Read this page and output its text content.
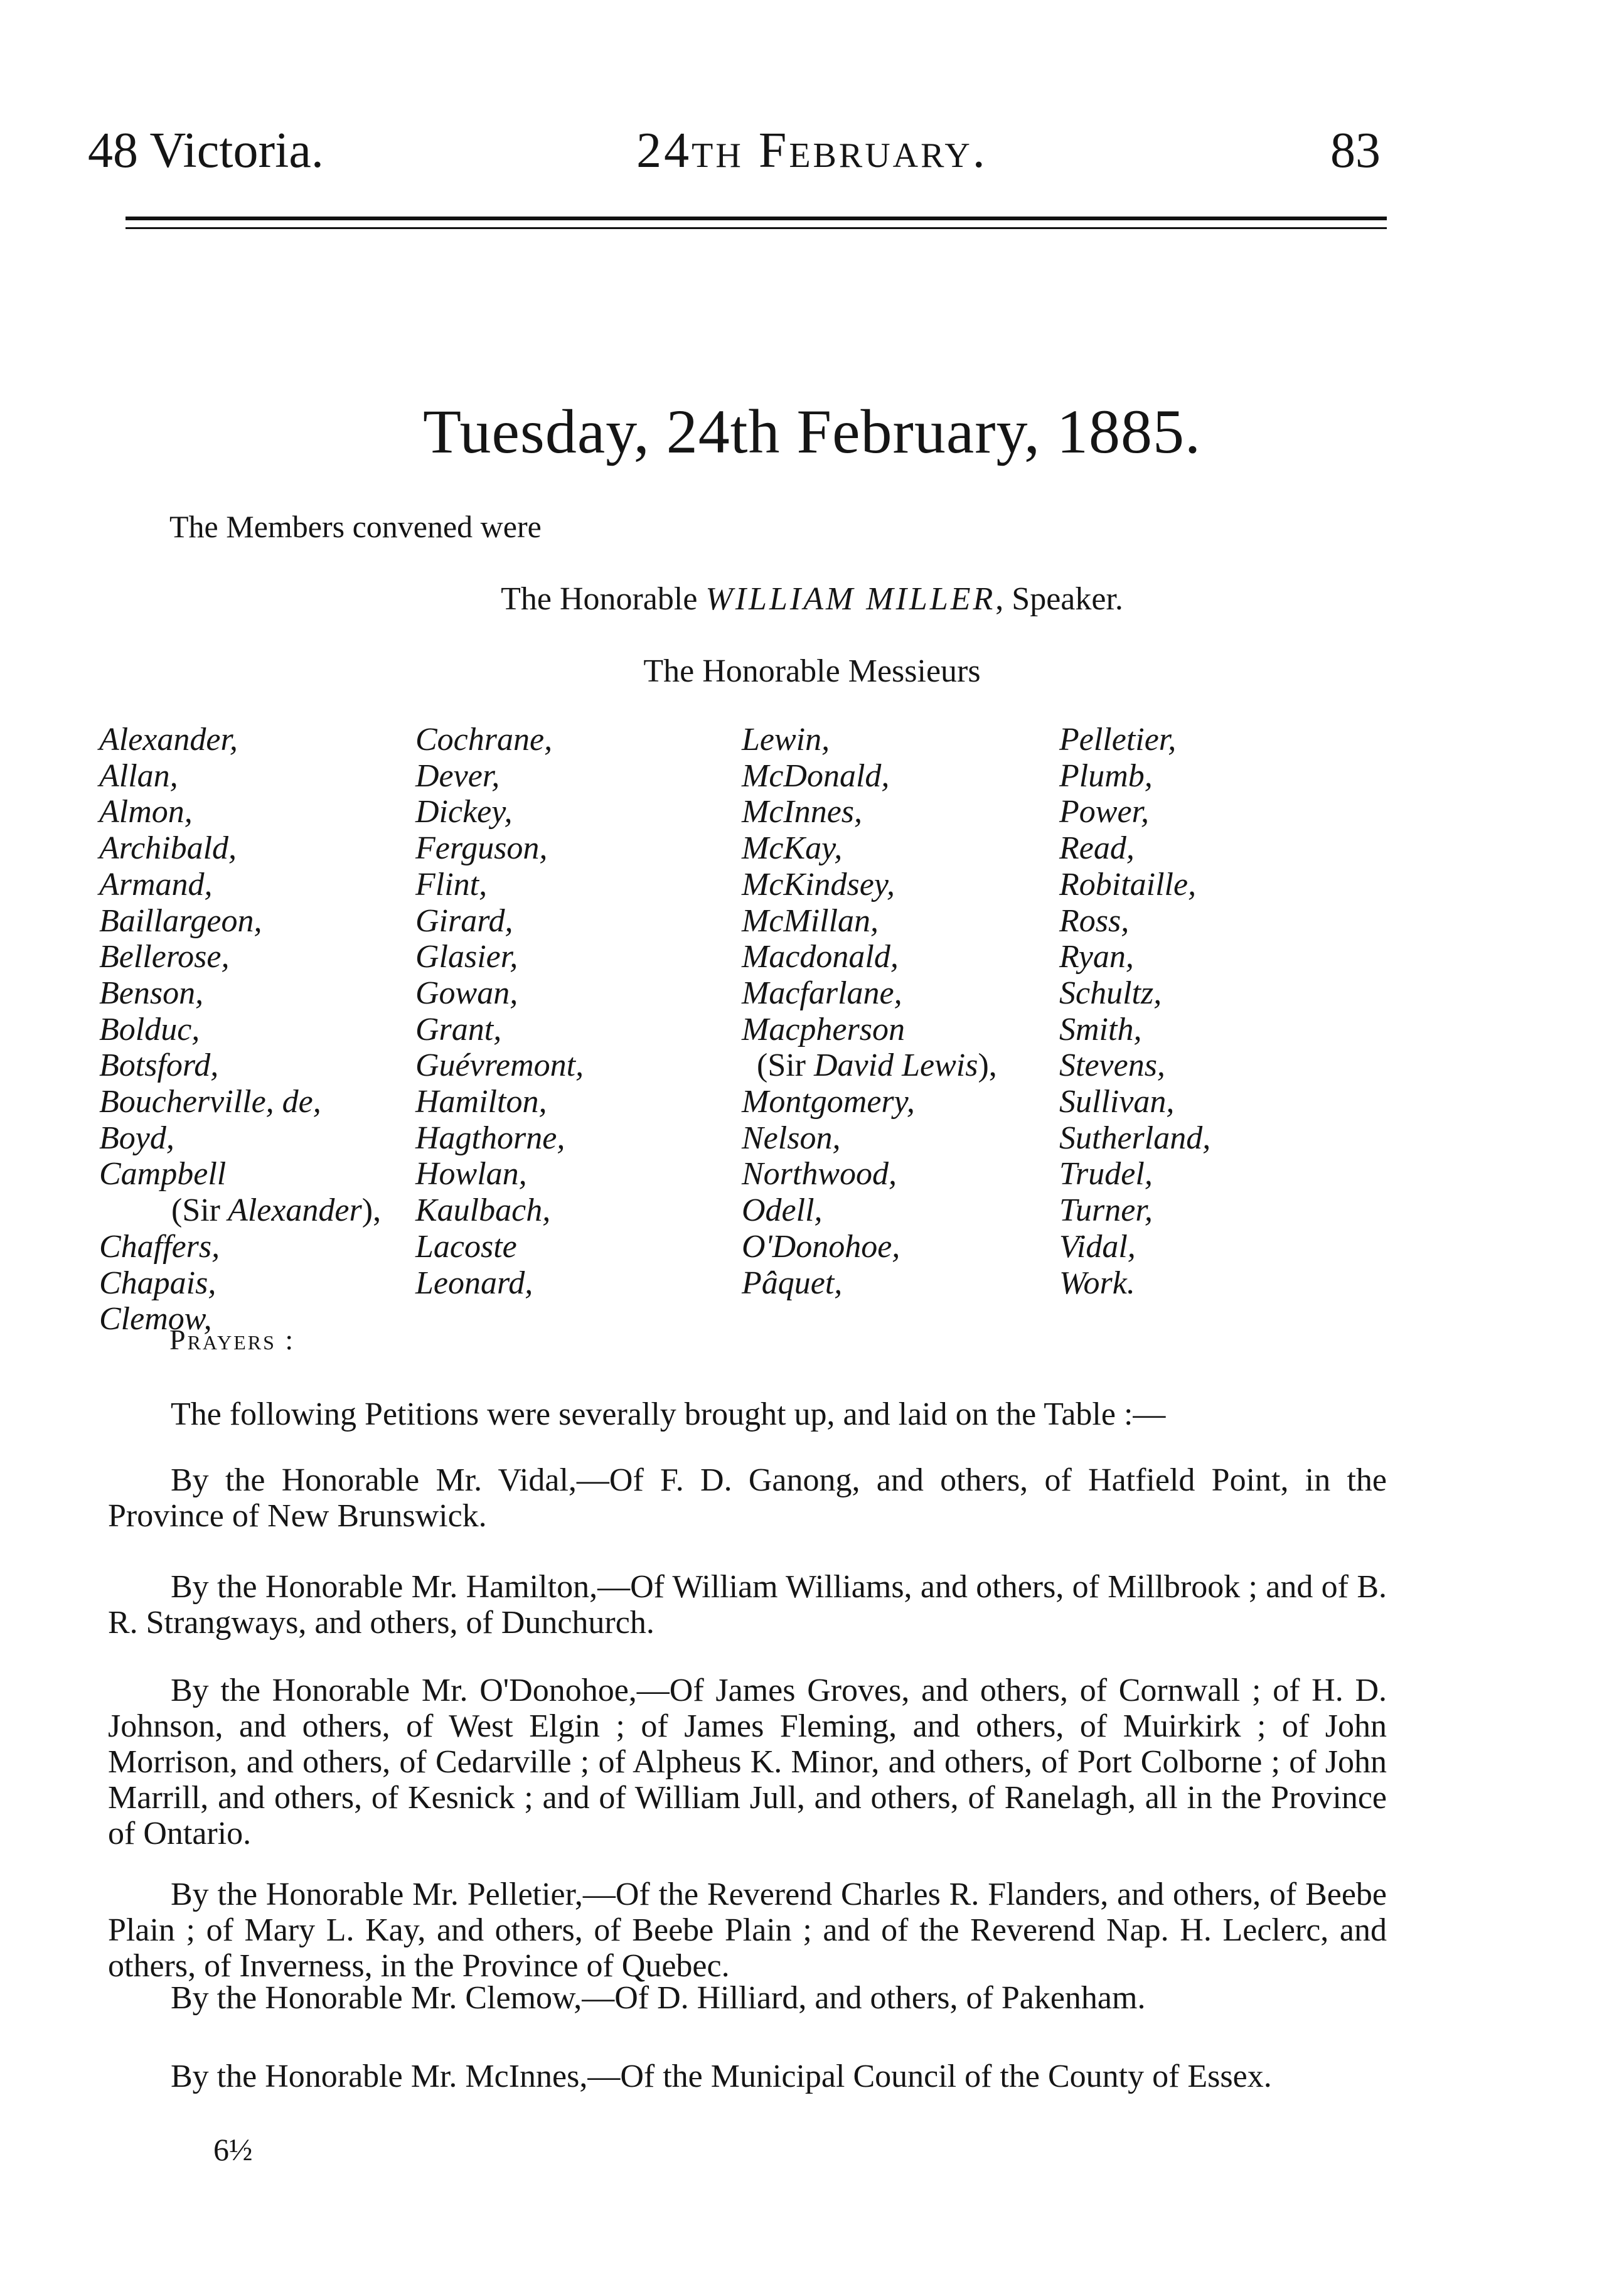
48 Victoria.	24th February.	83
Tuesday, 24th February, 1885.
The Members convened were
The Honorable WILLIAM MILLER, Speaker.
The Honorable Messieurs
Alexander,
Allan,
Almon,
Archibald,
Armand,
Baillargeon,
Bellerose,
Benson,
Bolduc,
Botsford,
Boucherville, de,
Boyd,
Campbell
(Sir Alexander),
Chaffers,
Chapais,
Clemow,
Cochrane,
Dever,
Dickey,
Ferguson,
Flint,
Girard,
Glasier,
Gowan,
Grant,
Guévremont,
Hamilton,
Hagthorne,
Howlan,
Kaulbach,
Lacoste
Leonard,
Lewin,
McDonald,
McInnes,
McKay,
McKindsey,
McMillan,
Macdonald,
Macfarlane,
Macpherson
(Sir David Lewis),
Montgomery,
Nelson,
Northwood,
Odell,
O'Donohoe,
Pâquet,
Pelletier,
Plumb,
Power,
Read,
Robitaille,
Ross,
Ryan,
Schultz,
Smith,
Stevens,
Sullivan,
Sutherland,
Trudel,
Turner,
Vidal,
Work.
Prayers :

The following Petitions were severally brought up, and laid on the Table :—

By the Honorable Mr. Vidal,—Of F. D. Ganong, and others, of Hatfield Point, in the Province of New Brunswick.

By the Honorable Mr. Hamilton,—Of William Williams, and others, of Millbrook ; and of B. R. Strangways, and others, of Dunchurch.

By the Honorable Mr. O'Donohoe,—Of James Groves, and others, of Cornwall ; of H. D. Johnson, and others, of West Elgin ; of James Fleming, and others, of Muirkirk ; of John Morrison, and others, of Cedarville ; of Alpheus K. Minor, and others, of Port Colborne ; of John Marrill, and others, of Kesnick ; and of William Jull, and others, of Ranelagh, all in the Province of Ontario.

By the Honorable Mr. Pelletier,—Of the Reverend Charles R. Flanders, and others, of Beebe Plain ; of Mary L. Kay, and others, of Beebe Plain ; and of the Reverend Nap. H. Leclerc, and others, of Inverness, in the Province of Quebec.

By the Honorable Mr. Clemow,—Of D. Hilliard, and others, of Pakenham.

By the Honorable Mr. McInnes,—Of the Municipal Council of the County of Essex.

6½
